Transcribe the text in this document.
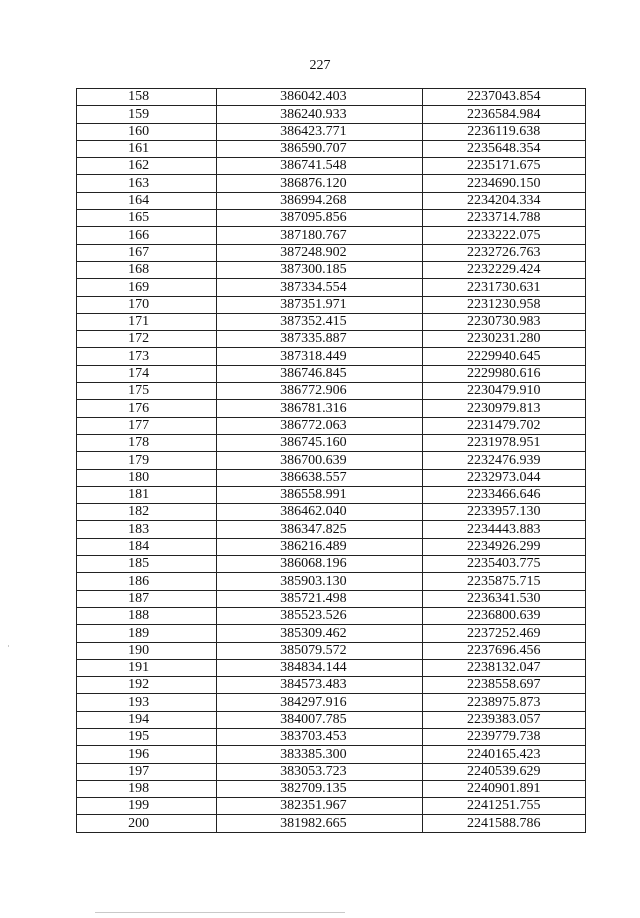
227
158	386042.403	2237043.854
159	386240.933	2236584.984
160	386423.771	2236119.638
161	386590.707	2235648.354
162	386741.548	2235171.675
163	386876.120	2234690.150
164	386994.268	2234204.334
165	387095.856	2233714.788
166	387180.767	2233222.075
167	387248.902	2232726.763
168	387300.185	2232229.424
169	387334.554	2231730.631
170	387351.971	2231230.958
171	387352.415	2230730.983
172	387335.887	2230231.280
173	387318.449	2229940.645
174	386746.845	2229980.616
175	386772.906	2230479.910
176	386781.316	2230979.813
177	386772.063	2231479.702
178	386745.160	2231978.951
179	386700.639	2232476.939
180	386638.557	2232973.044
181	386558.991	2233466.646
182	386462.040	2233957.130
183	386347.825	2234443.883
184	386216.489	2234926.299
185	386068.196	2235403.775
186	385903.130	2235875.715
187	385721.498	2236341.530
188	385523.526	2236800.639
189	385309.462	2237252.469
190	385079.572	2237696.456
191	384834.144	2238132.047
192	384573.483	2238558.697
193	384297.916	2238975.873
194	384007.785	2239383.057
195	383703.453	2239779.738
196	383385.300	2240165.423
197	383053.723	2240539.629
198	382709.135	2240901.891
199	382351.967	2241251.755
200	381982.665	2241588.786
